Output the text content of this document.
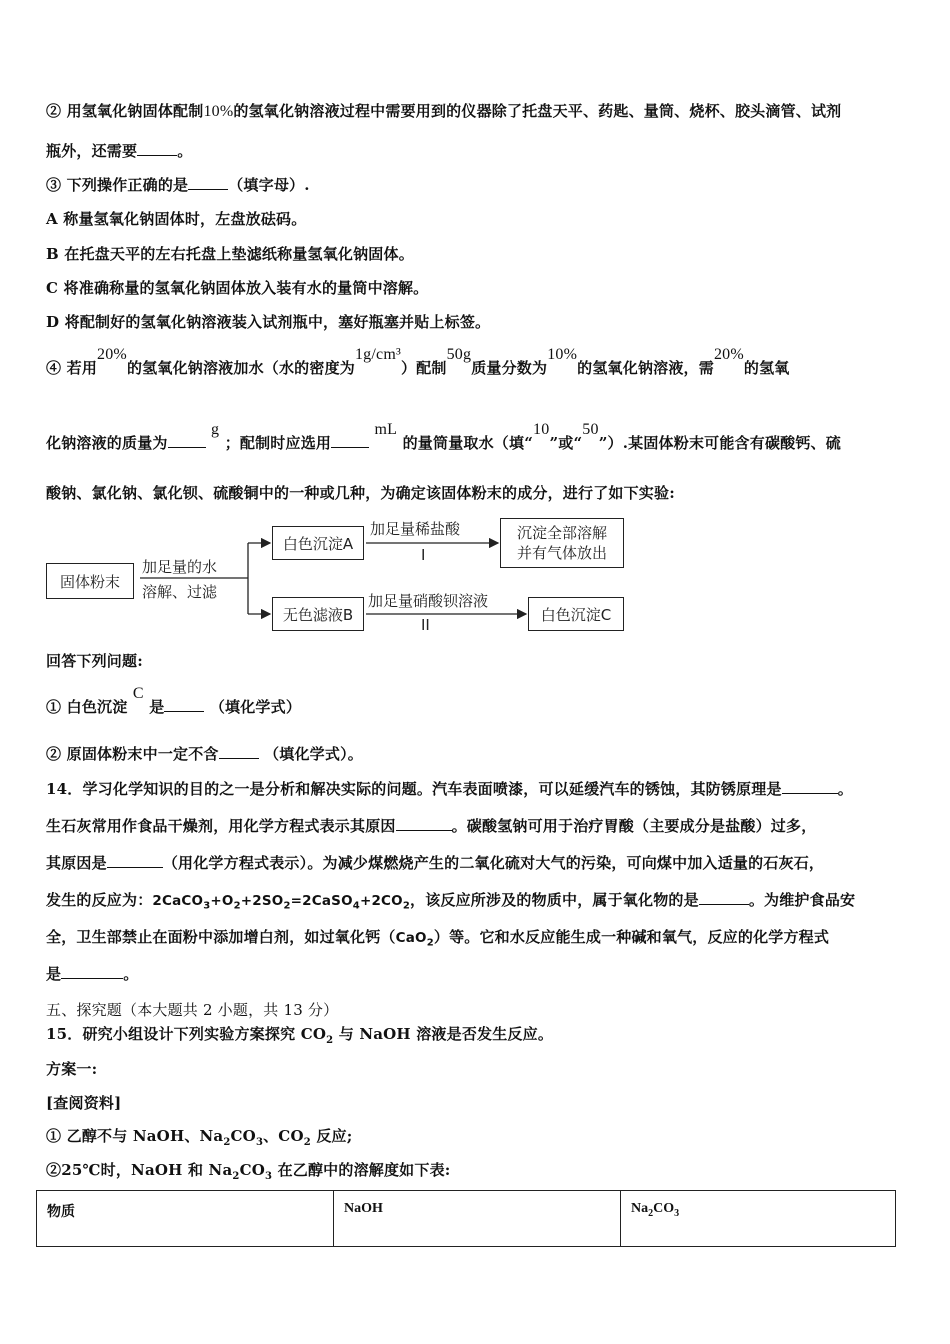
② 用氢氧化钠固体配制10%的氢氧化钠溶液过程中需要用到的仪器除了托盘天平、药匙、量筒、烧杯、胶头滴管、试剂
瓶外，还需要	。
③ 下列操作正确的是	（填字母）.
A 称量氢氧化钠固体时，左盘放砝码。
B 在托盘天平的左右托盘上垫滤纸称量氢氧化钠固体。
C 将准确称量的氢氧化钠固体放入装有水的量筒中溶解。
D 将配制好的氢氧化钠溶液装入试剂瓶中，塞好瓶塞并贴上标签。
④ 若用20%的氢氧化钠溶液加水（水的密度为1g/cm³）配制50g质量分数为10%的氢氧化钠溶液，需20%的氢氧
化钠溶液的质量为 g ；配制时应选用 mL 的量筒量取水（填“10”或“50”）.某固体粉末可能含有碳酸钙、硫
酸钠、氯化钠、氯化钡、硫酸铜中的一种或几种，为确定该固体粉末的成分，进行了如下实验:
固体粉末
加足量的水
溶解、过滤
白色沉淀A
加足量稀盐酸
I
沉淀全部溶解
并有气体放出
无色滤液B
加足量硝酸钡溶液
II
白色沉淀C
回答下列问题:
① 白色沉淀 C 是	（填化学式）
② 原固体粉末中一定不含	（填化学式）。
14．学习化学知识的目的之一是分析和解决实际的问题。汽车表面喷漆，可以延缓汽车的锈蚀，其防锈原理是	。
生石灰常用作食品干燥剂，用化学方程式表示其原因	。碳酸氢钠可用于治疗胃酸（主要成分是盐酸）过多，
其原因是	（用化学方程式表示）。为减少煤燃烧产生的二氧化硫对大气的污染，可向煤中加入适量的石灰石，
发生的反应为：$2CaCO_3+O_2+2SO_2=2CaSO_4+2CO_2$，该反应所涉及的物质中，属于氧化物的是	。为维护食品安
全，卫生部禁止在面粉中添加增白剂，如过氧化钙（CaO$_2$）等。它和水反应能生成一种碱和氧气，反应的化学方程式
是	。
五、探究题（本大题共 2 小题，共 13 分）
15．研究小组设计下列实验方案探究 $CO_2$ 与 NaOH 溶液是否发生反应。
方案一:
[查阅资料]
① 乙醇不与 NaOH、$Na_2CO_3$、$CO_2$ 反应;
②25℃时，NaOH 和 $Na_2CO_3$ 在乙醇中的溶解度如下表:
物质	NaOH	$Na_2CO_3$
